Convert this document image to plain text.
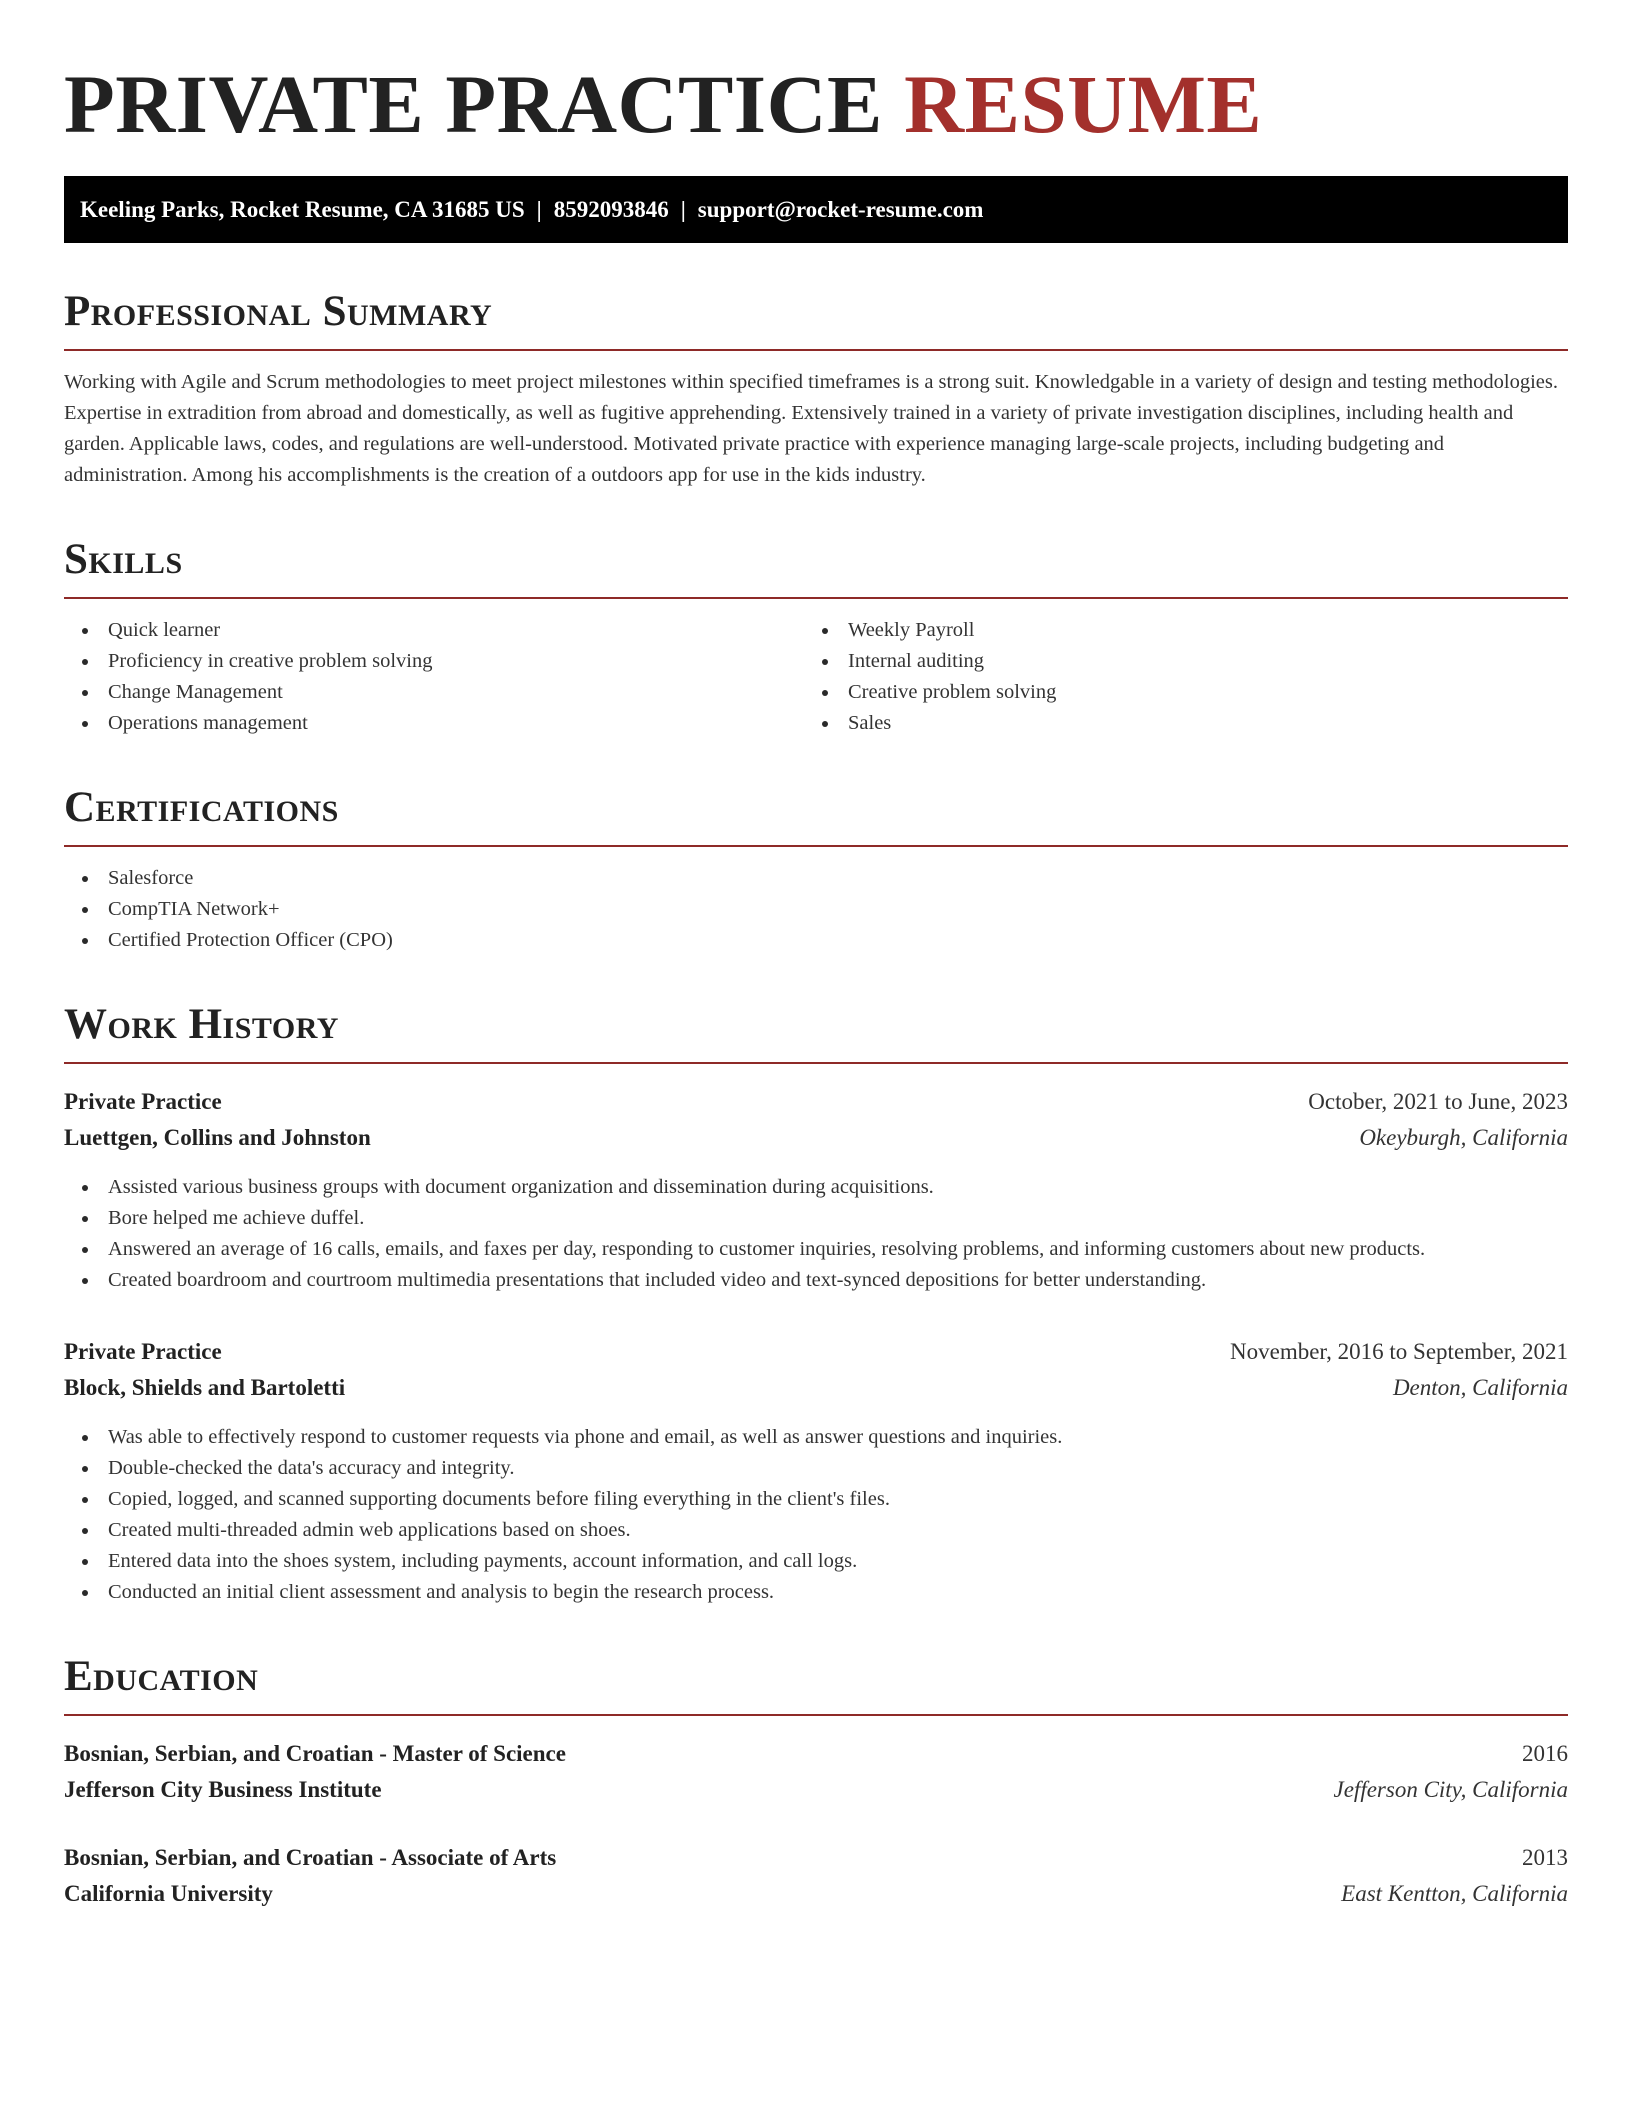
PRIVATE PRACTICE RESUME
Keeling Parks, Rocket Resume, CA 31685 US | 8592093846 | support@rocket-resume.com
Professional Summary

Working with Agile and Scrum methodologies to meet project milestones within specified timeframes is a strong suit. Knowledgable in a variety of design and testing methodologies. Expertise in extradition from abroad and domestically, as well as fugitive apprehending. Extensively trained in a variety of private investigation disciplines, including health and garden. Applicable laws, codes, and regulations are well-understood. Motivated private practice with experience managing large-scale projects, including budgeting and administration. Among his accomplishments is the creation of a outdoors app for use in the kids industry.

Skills
Quick learner
Proficiency in creative problem solving
Change Management
Operations management
Weekly Payroll
Internal auditing
Creative problem solving
Sales
Certifications
Salesforce
CompTIA Network+
Certified Protection Officer (CPO)
Work History
Private Practice	October, 2021 to June, 2023
Luettgen, Collins and Johnston	Okeyburgh, California
Assisted various business groups with document organization and dissemination during acquisitions.
Bore helped me achieve duffel.
Answered an average of 16 calls, emails, and faxes per day, responding to customer inquiries, resolving problems, and informing customers about new products.
Created boardroom and courtroom multimedia presentations that included video and text-synced depositions for better understanding.
Private Practice	November, 2016 to September, 2021
Block, Shields and Bartoletti	Denton, California
Was able to effectively respond to customer requests via phone and email, as well as answer questions and inquiries.
Double-checked the data's accuracy and integrity.
Copied, logged, and scanned supporting documents before filing everything in the client's files.
Created multi-threaded admin web applications based on shoes.
Entered data into the shoes system, including payments, account information, and call logs.
Conducted an initial client assessment and analysis to begin the research process.
Education
Bosnian, Serbian, and Croatian - Master of Science	2016
Jefferson City Business Institute	Jefferson City, California
Bosnian, Serbian, and Croatian - Associate of Arts	2013
California University	East Kentton, California
